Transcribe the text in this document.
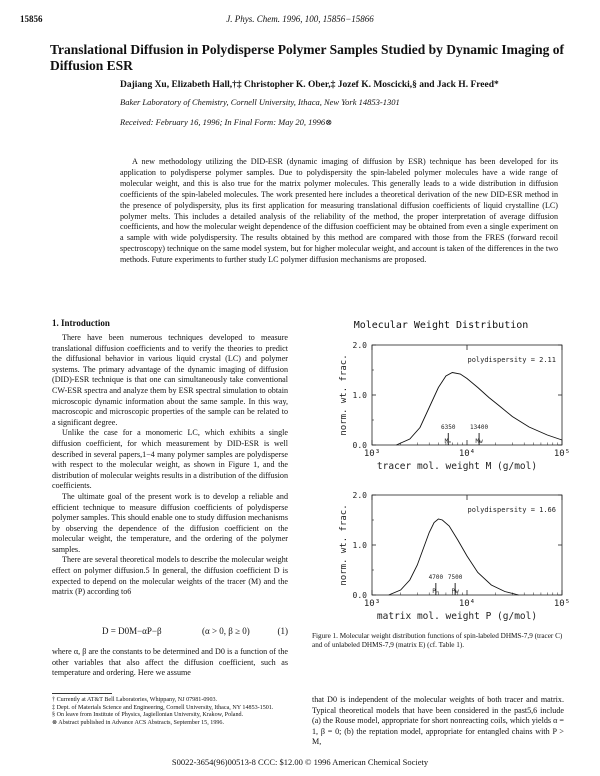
15856	J. Phys. Chem. 1996, 100, 15856−15866
Translational Diffusion in Polydisperse Polymer Samples Studied by Dynamic Imaging of Diffusion ESR
Dajiang Xu, Elizabeth Hall,†‡ Christopher K. Ober,‡ Jozef K. Moscicki,§ and Jack H. Freed*
Baker Laboratory of Chemistry, Cornell University, Ithaca, New York 14853-1301
Received: February 16, 1996; In Final Form: May 20, 1996⊗

A new methodology utilizing the DID-ESR (dynamic imaging of diffusion by ESR) technique has been developed for its application to polydisperse polymer samples. Due to polydispersity the spin-labeled polymer molecules have a wide range of molecular weight, and this is also true for the matrix polymer molecules. This generally leads to a wide distribution in diffusion coefficients of the spin-labeled molecules. The work presented here includes a theoretical derivation of the new DID-ESR method in the presence of polydispersity, plus its first application for measuring translational diffusion coefficients of liquid crystalline (LC) polymer melts. This includes a detailed analysis of the reliability of the method, the proper interpretation of average diffusion coefficients, and how the molecular weight dependence of the diffusion coefficient may be obtained from even a single experiment on a sample with wide polydispersity. The results obtained by this method are compared with those from the FRES (forward recoil spectroscopy) technique on the same model system, but for higher molecular weight, and account is taken of the differences in the two methods. Future experiments to further study LC polymer diffusion mechanisms are proposed.

1. Introduction

There have been numerous techniques developed to measure translational diffusion coefficients and to verify the theories to predict the diffusional behavior in various liquid crystal (LC) and polymer systems. The primary advantage of the dynamic imaging of diffusion (DID)-ESR technique is that one can simultaneously take conventional CW-ESR spectra and analyze them by ESR spectral simulation to obtain microscopic dynamic information about the same sample. In this way, macroscopic and microscopic properties of the sample can be related to a significant degree.

Unlike the case for a monomeric LC, which exhibits a single diffusion coefficient, for which measurement by DID-ESR is well described in several papers,1−4 many polymer samples are polydisperse with respect to the molecular weight, as shown in Figure 1, and the distribution of molecular weights results in a distribution of the diffusion coefficients.

The ultimate goal of the present work is to develop a reliable and efficient technique to measure diffusion coefficients of polydisperse polymer samples. This should enable one to study diffusion mechanisms by observing the dependence of the diffusion coefficient on the molecular weight, the temperature, and the ordering of the polymer samples.

There are several theoretical models to describe the molecular weight effect on polymer diffusion.5 In general, the diffusion coefficient D is expected to depend on the molecular weights of the tracer (M) and the matrix (P) according to6

D = D0M−αP−β	(α > 0, β ≥ 0)	(1)

where α, β are the constants to be determined and D0 is a function of the other variables that also affect the diffusion coefficient, such as temperature and ordering. Here we assume

† Currently at AT&T Bell Laboratories, Whippany, NJ 07981-0903.
‡ Dept. of Materials Science and Engineering, Cornell University, Ithaca, NY 14853-1501.
§ On leave from Institute of Physics, Jagiellonian University, Krakow, Poland.
⊗ Abstract published in Advance ACS Abstracts, September 15, 1996.
Molecular Weight Distribution
0.0
1.0
2.0
10³	10⁴	10⁵
norm. wt. frac.
tracer mol. weight M (g/mol)
polydispersity = 2.11
6350
Mₙ
13400
Mw
0.0
1.0
2.0
10³	10⁴	10⁵
norm. wt. frac.
matrix mol. weight P (g/mol)
polydispersity = 1.66
4700
Pₙ
7500
Pw
Figure 1. Molecular weight distribution functions of spin-labeled DHMS-7,9 (tracer C) and of unlabeled DHMS-7,9 (matrix E) (cf. Table 1).
that D0 is independent of the molecular weights of both tracer and matrix. Typical theoretical models that have been considered in the past5,6 include (a) the Rouse model, appropriate for short nonreacting coils, which yields α = 1, β = 0; (b) the reptation model, appropriate for entangled chains with P > M,
S0022-3654(96)00513-8 CCC: $12.00 © 1996 American Chemical Society
